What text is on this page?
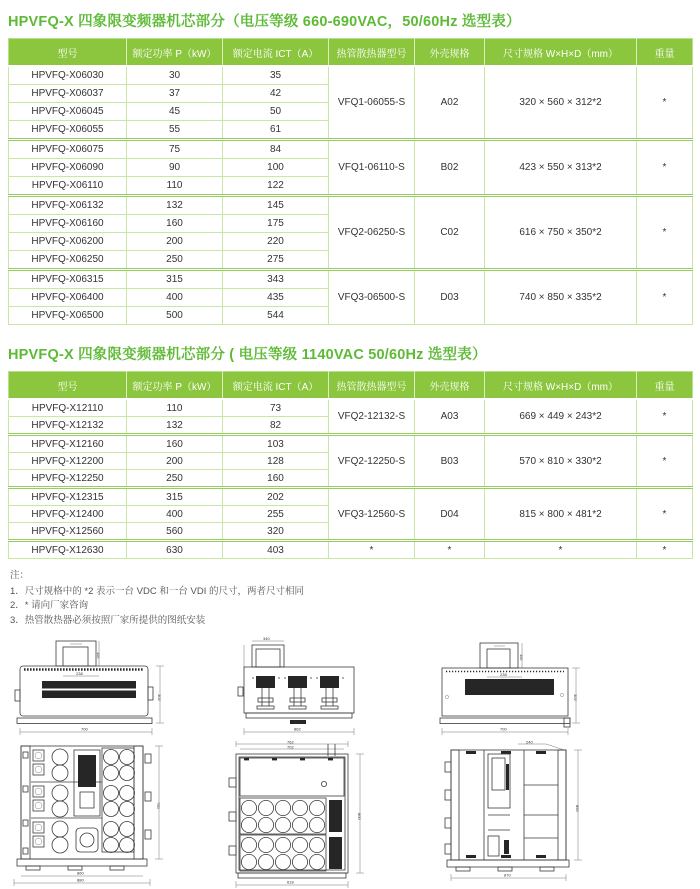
HPVFQ-X 四象限变频器机芯部分（电压等级 660-690VAC，50/60Hz 选型表）
型号	额定功率 P（kW）	额定电流 ICT（A）	热管散热器型号	外壳规格	尺寸规格 W×H×D（mm）	重量
HPVFQ-X06030	30	35	VFQ1-06055-S	A02	320 × 560 × 312*2	*
HPVFQ-X06037	37	42				
HPVFQ-X06045	45	50				
HPVFQ-X06055	55	61				
HPVFQ-X06075	75	84	VFQ1-06110-S	B02	423 × 550 × 313*2	*
HPVFQ-X06090	90	100				
HPVFQ-X06110	110	122				
HPVFQ-X06132	132	145	VFQ2-06250-S	C02	616 × 750 × 350*2	*
HPVFQ-X06160	160	175				
HPVFQ-X06200	200	220				
HPVFQ-X06250	250	275				
HPVFQ-X06315	315	343	VFQ3-06500-S	D03	740 × 850 × 335*2	*
HPVFQ-X06400	400	435				
HPVFQ-X06500	500	544				
HPVFQ-X 四象限变频器机芯部分 ( 电压等级 1140VAC 50/60Hz 选型表）
型号	额定功率 P（kW）	额定电流 ICT（A）	热管散热器型号	外壳规格	尺寸规格 W×H×D（mm）	重量
HPVFQ-X12110	110	73	VFQ2-12132-S	A03	669 × 449 × 243*2	*
HPVFQ-X12132	132	82				
HPVFQ-X12160	160	103	VFQ2-12250-S	B03	570 × 810 × 330*2	*
HPVFQ-X12200	200	128				
HPVFQ-X12250	250	160				
HPVFQ-X12315	315	202	VFQ3-12560-S	D04	815 × 800 × 481*2	*
HPVFQ-X12400	400	255				
HPVFQ-X12560	560	320				
HPVFQ-X12630	630	403	*	*	*	*
注：
1．尺寸规格中的 *2 表示一台 VDC 和一台 VDI 的尺寸，两者尺寸相同
2．* 请向厂家咨询
3．热管散热器必须按照厂家所提供的图纸安装
110
238
700
302
340
802
862
110
238
700
302
750
860
880
762
702
800
618
240
850
870
